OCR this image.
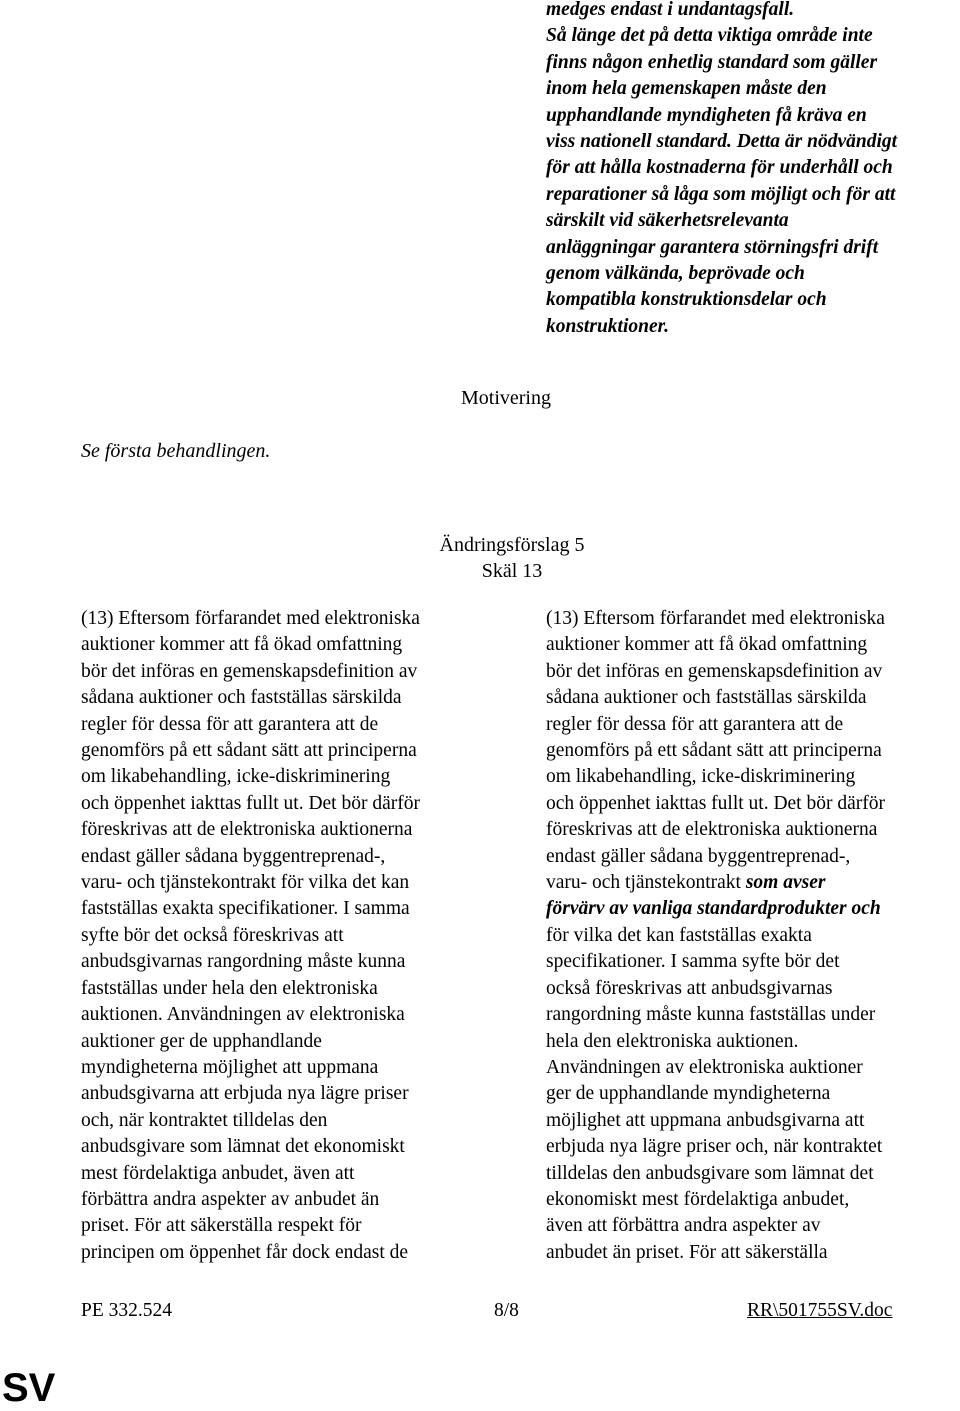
medges endast i undantagsfall.
Så länge det på detta viktiga område inte
finns någon enhetlig standard som gäller
inom hela gemenskapen måste den
upphandlande myndigheten få kräva en
viss nationell standard. Detta är nödvändigt
för att hålla kostnaderna för underhåll och
reparationer så låga som möjligt och för att
särskilt vid säkerhetsrelevanta
anläggningar garantera störningsfri drift
genom välkända, beprövade och
kompatibla konstruktionsdelar och
konstruktioner.
Motivering
Se första behandlingen.
Ändringsförslag 5
Skäl 13
(13) Eftersom förfarandet med elektroniska
auktioner kommer att få ökad omfattning
bör det införas en gemenskapsdefinition av
sådana auktioner och fastställas särskilda
regler för dessa för att garantera att de
genomförs på ett sådant sätt att principerna
om likabehandling, icke-diskriminering
och öppenhet iakttas fullt ut. Det bör därför
föreskrivas att de elektroniska auktionerna
endast gäller sådana byggentreprenad-,
varu- och tjänstekontrakt för vilka det kan
fastställas exakta specifikationer. I samma
syfte bör det också föreskrivas att
anbudsgivarnas rangordning måste kunna
fastställas under hela den elektroniska
auktionen. Användningen av elektroniska
auktioner ger de upphandlande
myndigheterna möjlighet att uppmana
anbudsgivarna att erbjuda nya lägre priser
och, när kontraktet tilldelas den
anbudsgivare som lämnat det ekonomiskt
mest fördelaktiga anbudet, även att
förbättra andra aspekter av anbudet än
priset. För att säkerställa respekt för
principen om öppenhet får dock endast de
(13) Eftersom förfarandet med elektroniska
auktioner kommer att få ökad omfattning
bör det införas en gemenskapsdefinition av
sådana auktioner och fastställas särskilda
regler för dessa för att garantera att de
genomförs på ett sådant sätt att principerna
om likabehandling, icke-diskriminering
och öppenhet iakttas fullt ut. Det bör därför
föreskrivas att de elektroniska auktionerna
endast gäller sådana byggentreprenad-,
varu- och tjänstekontrakt som avser
förvärv av vanliga standardprodukter och
för vilka det kan fastställas exakta
specifikationer. I samma syfte bör det
också föreskrivas att anbudsgivarnas
rangordning måste kunna fastställas under
hela den elektroniska auktionen.
Användningen av elektroniska auktioner
ger de upphandlande myndigheterna
möjlighet att uppmana anbudsgivarna att
erbjuda nya lägre priser och, när kontraktet
tilldelas den anbudsgivare som lämnat det
ekonomiskt mest fördelaktiga anbudet,
även att förbättra andra aspekter av
anbudet än priset. För att säkerställa
PE 332.524	8/8	RR\501755SV.doc
SV
